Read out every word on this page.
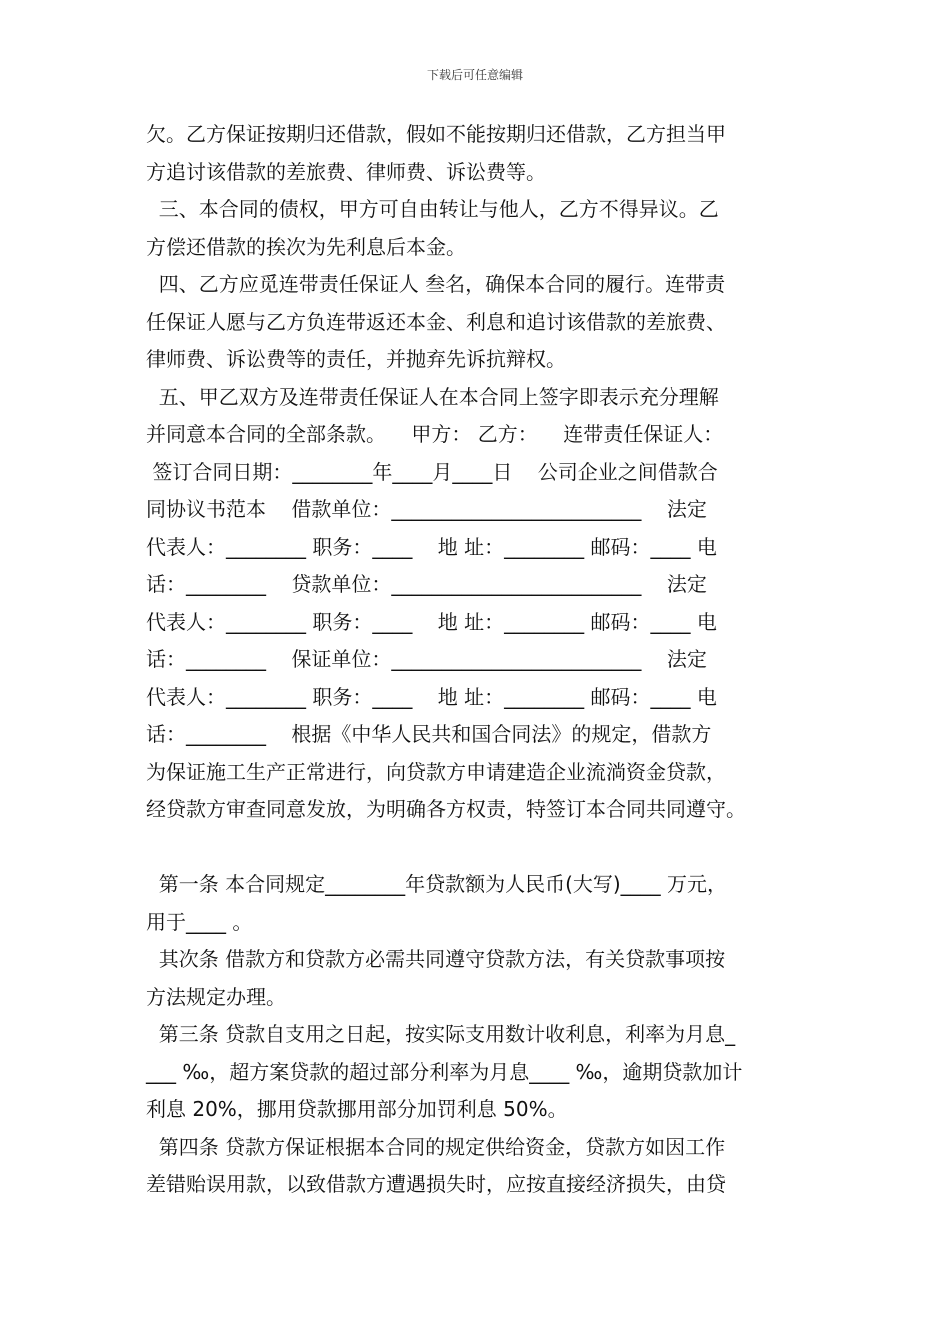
下载后可任意编辑
欠。乙方保证按期归还借款，假如不能按期归还借款，乙方担当甲
方追讨该借款的差旅费、律师费、诉讼费等。
三、本合同的债权，甲方可自由转让与他人，乙方不得异议。乙
方偿还借款的挨次为先利息后本金。
四、乙方应觅连带责任保证人 叁名，确保本合同的履行。连带责
任保证人愿与乙方负连带返还本金、利息和追讨该借款的差旅费、
律师费、诉讼费等的责任，并抛弃先诉抗辩权。
五、甲乙双方及连带责任保证人在本合同上签字即表示充分理解
并同意本合同的全部条款。    甲方： 乙方：    连带责任保证人：
签订合同日期：________年____月____日    公司企业之间借款合
同协议书范本    借款单位：_________________________    法定
代表人：________ 职务：____    地 址：________ 邮码：____ 电
话：________    贷款单位：_________________________    法定
代表人：________ 职务：____    地 址：________ 邮码：____ 电
话：________    保证单位：_________________________    法定
代表人：________ 职务：____    地 址：________ 邮码：____ 电
话：________    根据《中华人民共和国合同法》的规定，借款方
为保证施工生产正常进行，向贷款方申请建造企业流淌资金贷款，
经贷款方审查同意发放，为明确各方权责，特签订本合同共同遵守。
第一条 本合同规定________年贷款额为人民币(大写)____ 万元，
用于____ 。
其次条 借款方和贷款方必需共同遵守贷款方法，有关贷款事项按
方法规定办理。
第三条 贷款自支用之日起，按实际支用数计收利息，利率为月息_
___ ‰，超方案贷款的超过部分利率为月息____ ‰，逾期贷款加计
利息 20%，挪用贷款挪用部分加罚利息 50%。
第四条 贷款方保证根据本合同的规定供给资金，贷款方如因工作
差错贻误用款，以致借款方遭遇损失时，应按直接经济损失，由贷
